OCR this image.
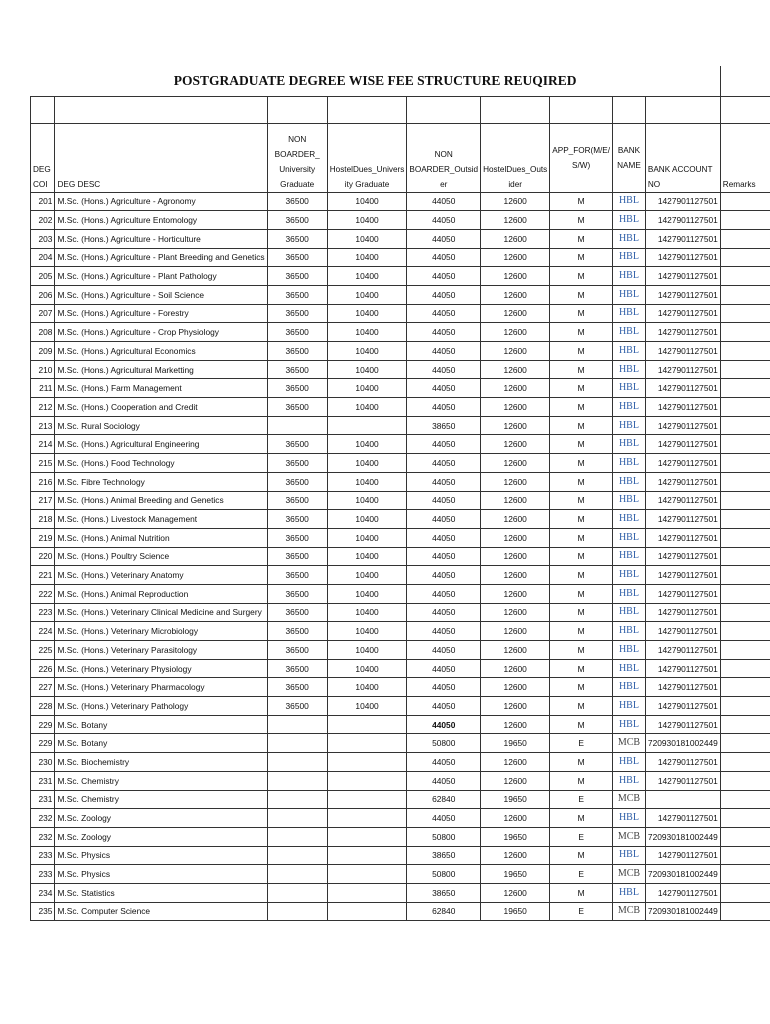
POSTGRADUATE DEGREE WISE FEE STRUCTURE REUQIRED									

DEG COI	DEG DESC	NON BOARDER_ University Graduate	HostelDues_Univers ity Graduate	NON BOARDER_Outsid er	HostelDues_Outs ider	APP_FOR(M/E/ S/W)	BANK NAME	BANK ACCOUNT NO	Remarks
201	M.Sc. (Hons.) Agriculture - Agronomy	36500	10400	44050	12600	M	HBL	1427901127501	
202	M.Sc. (Hons.) Agriculture Entomology	36500	10400	44050	12600	M	HBL	1427901127501	
203	M.Sc. (Hons.) Agriculture - Horticulture	36500	10400	44050	12600	M	HBL	1427901127501	
204	M.Sc. (Hons.) Agriculture - Plant Breeding and Genetics	36500	10400	44050	12600	M	HBL	1427901127501	
205	M.Sc. (Hons.) Agriculture - Plant Pathology	36500	10400	44050	12600	M	HBL	1427901127501	
206	M.Sc. (Hons.) Agriculture - Soil Science	36500	10400	44050	12600	M	HBL	1427901127501	
207	M.Sc. (Hons.) Agriculture - Forestry	36500	10400	44050	12600	M	HBL	1427901127501	
208	M.Sc. (Hons.) Agriculture - Crop Physiology	36500	10400	44050	12600	M	HBL	1427901127501	
209	M.Sc. (Hons.) Agricultural Economics	36500	10400	44050	12600	M	HBL	1427901127501	
210	M.Sc. (Hons.) Agricultural Marketting	36500	10400	44050	12600	M	HBL	1427901127501	
211	M.Sc. (Hons.) Farm Management	36500	10400	44050	12600	M	HBL	1427901127501	
212	M.Sc. (Hons.) Cooperation and Credit	36500	10400	44050	12600	M	HBL	1427901127501	
213	M.Sc. Rural Sociology			38650	12600	M	HBL	1427901127501	
214	M.Sc. (Hons.) Agricultural Engineering	36500	10400	44050	12600	M	HBL	1427901127501	
215	M.Sc. (Hons.) Food Technology	36500	10400	44050	12600	M	HBL	1427901127501	
216	M.Sc. Fibre Technology	36500	10400	44050	12600	M	HBL	1427901127501	
217	M.Sc. (Hons.) Animal Breeding and Genetics	36500	10400	44050	12600	M	HBL	1427901127501	
218	M.Sc. (Hons.) Livestock Management	36500	10400	44050	12600	M	HBL	1427901127501	
219	M.Sc. (Hons.) Animal Nutrition	36500	10400	44050	12600	M	HBL	1427901127501	
220	M.Sc. (Hons.) Poultry Science	36500	10400	44050	12600	M	HBL	1427901127501	
221	M.Sc. (Hons.) Veterinary Anatomy	36500	10400	44050	12600	M	HBL	1427901127501	
222	M.Sc. (Hons.) Animal Reproduction	36500	10400	44050	12600	M	HBL	1427901127501	
223	M.Sc. (Hons.) Veterinary Clinical Medicine and Surgery	36500	10400	44050	12600	M	HBL	1427901127501	
224	M.Sc. (Hons.) Veterinary Microbiology	36500	10400	44050	12600	M	HBL	1427901127501	
225	M.Sc. (Hons.) Veterinary Parasitology	36500	10400	44050	12600	M	HBL	1427901127501	
226	M.Sc. (Hons.) Veterinary Physiology	36500	10400	44050	12600	M	HBL	1427901127501	
227	M.Sc. (Hons.) Veterinary Pharmacology	36500	10400	44050	12600	M	HBL	1427901127501	
228	M.Sc. (Hons.) Veterinary Pathology	36500	10400	44050	12600	M	HBL	1427901127501	
229	M.Sc. Botany			44050	12600	M	HBL	1427901127501	
229	M.Sc. Botany			50800	19650	E	MCB	720930181002449	
230	M.Sc. Biochemistry			44050	12600	M	HBL	1427901127501	
231	M.Sc. Chemistry			44050	12600	M	HBL	1427901127501	
231	M.Sc. Chemistry			62840	19650	E	MCB		
232	M.Sc. Zoology			44050	12600	M	HBL	1427901127501	
232	M.Sc. Zoology			50800	19650	E	MCB	720930181002449	
233	M.Sc. Physics			38650	12600	M	HBL	1427901127501	
233	M.Sc. Physics			50800	19650	E	MCB	720930181002449	
234	M.Sc. Statistics			38650	12600	M	HBL	1427901127501	
235	M.Sc. Computer Science			62840	19650	E	MCB	720930181002449	
